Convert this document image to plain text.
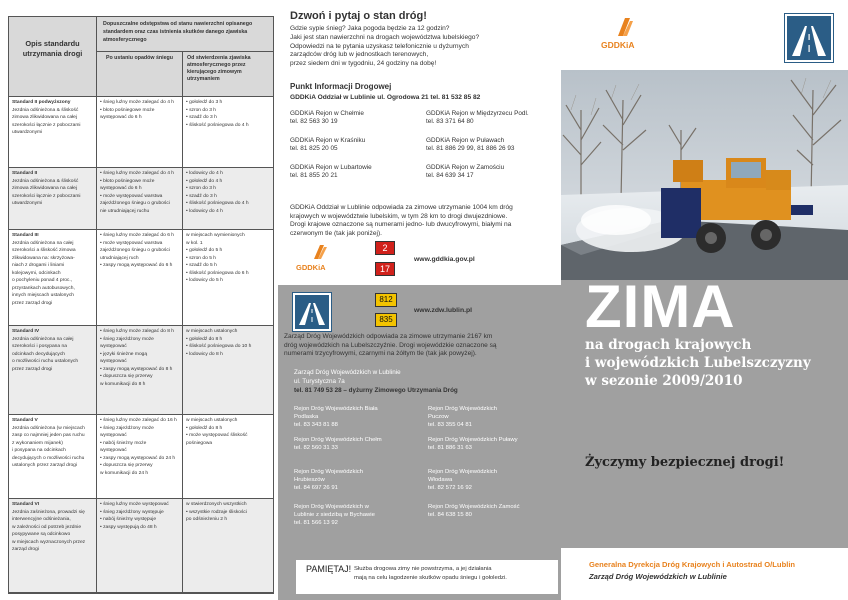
Opis standardu utrzymania drogi
Dopuszczalne odstępstwa od stanu nawierzchni opisanego standardem oraz czas istnienia skutków danego zjawiska atmosferycznego
Po ustaniu opadów śniegu	Od stwierdzenia zjawiska atmosferycznego przez kierującego zimowym utrzymaniem
Standard II podwyższony
Jezdnia odśnieżona & śliskość
zimowa zlikwidowana na całej
szerokości łącznie z poboczami
utwardzonymi
• śnieg luźny może zalegać do 4 h
• błoto pośniegowe może
występować do 6 h
• gołoledź do 3 h
• szron do 3 h
• szadź do 3 h
• śliskość pośniegowa do 4 h
Standard II
Jezdnia odśnieżona & śliskość
zimowa zlikwidowana na całej
szerokości łącznie z poboczami
utwardzonymi
• śnieg luźny może zalegać do 4 h
• błoto pośniegowe może
występować do 6 h
• może występować warstwa
zajeżdżonego śniegu o grubości
nie utrudniającej ruchu
• lodowicy do 4 h
• gołoledź do 4 h
• szron do 3 h
• szadź do 3 h
• śliskość pośniegowa do 4 h
• lodowicy do 4 h
Standard III
Jezdnia odśnieżona na całej
szerokości a śliskość zimowa
zlikwidowana na: skrzyżowa-
niach z drogami i liniami
kolejowymi, odcinkach
o pochyleniu ponad 4 proc.,
przystankach autobusowych,
innych miejscach ustalonych
przez zarząd drogi
• śnieg luźny może zalegać do 6 h
• może występować warstwa
zajeżdżonego śniegu o grubości
utrudniającej ruch
• zaspy mogą występować do 6 h
w miejscach wymienionych
w kol. 1
• gołoledź do 5 h
• szron do 5 h
• szadź do 5 h
• śliskość pośniegowa do 6 h
• lodowicy do 5 h
Standard IV
Jezdnia odśnieżona na całej
szerokości i posypana na
odcinkach decydujących
o możliwości ruchu ustalonych
przez zarząd drogi
• śnieg luźny może zalegać do 8 h
• śnieg zajeżdżony może
występować
• języki śnieżne mogą
występować
• zaspy mogą występować do 8 h
• dopuszcza się przerwy
w komunikacji do 8 h
w miejscach ustalonych
• gołoledź do 8 h
• śliskość pośniegowa do 10 h
• lodowicy do 8 h
Standard V
Jezdnia odśnieżona (w miejscach
zasp co najmniej jeden pas ruchu
z wykonaniem mijanek)
i posypana na odcinkach
decydujących o możliwości ruchu
ustalonych przez zarząd drogi
• śnieg luźny może zalegać do 16 h
• śnieg zajeżdżony może
występować
• nabój śnieżny może
występować
• zaspy mogą występować do 24 h
• dopuszcza się przerwy
w komunikacji do 24 h
w miejscach ustalonych
• gołoledź do 8 h
• może występować śliskość
pośniegowa
Standard VI
Jezdnia zaśnieżona, prowadzi się
interwencyjne odśnieżania,
w zależności od potrzeb jezdnie
posypywane są odcinkowo
w miejscach wyznaczonych przez
zarząd drogi
• śnieg luźny może występować
• śnieg zajeżdżony występuje
• nabój śnieżny występuje
• zaspy występują do 48 h
w stwierdzonych wszystkich
• wszystkie rodzaje śliskości
po odśnieżeniu 2 h
Dzwoń i pytaj o stan dróg!
Gdzie sypie śnieg? Jaka pogoda będzie za 12 godzin?
Jaki jest stan nawierzchni na drogach województwa lubelskiego?
Odpowiedzi na te pytania uzyskasz telefonicznie u dyżurnych
zarządców dróg lub w jednostkach terenowych,
przez siedem dni w tygodniu, 24 godziny na dobę!
Punkt Informacji Drogowej
GDDKiA Oddział w Lublinie ul. Ogrodowa 21 tel. 81 532 85 82
GDDKiA Rejon w Chełmie
tel. 82 563 30 19
GDDKiA Rejon w Międzyrzecu Podl.
tel. 83 371 64 80
GDDKiA Rejon w Kraśniku
tel. 81 825 20 05
GDDKiA Rejon w Puławach
tel. 81 886 29 99, 81 886 26 93
GDDKiA Rejon w Lubartowie
tel. 81 855 20 21
GDDKiA Rejon w Zamościu
tel. 84 639 34 17
GDDKiA Oddział w Lublinie odpowiada za zimowe utrzymanie 1004 km dróg
krajowych w województwie lubelskim, w tym 28 km to drogi dwujezdniowe.
Drogi krajowe oznaczone są numerami jedno- lub dwucyfrowymi, białymi na
czerwonym tle (tak jak poniżej).
GDDKiA
2
17
www.gddkia.gov.pl
812
835
www.zdw.lublin.pl
Zarząd Dróg Wojewódzkich odpowiada za zimowe utrzymanie 2167 km
dróg wojewódzkich na Lubelszczyźnie. Drogi wojewódzkie oznaczone są
numerami trzycyfrowymi, czarnymi na żółtym tle (tak jak powyżej).
Zarząd Dróg Wojewódzkich w Lublinie
ul. Turystyczna 7a
tel. 81 749 53 28 – dyżurny Zimowego Utrzymania Dróg
Rejon Dróg Wojewódzkich Biała
Podlaska
tel. 83 343 81 88
Rejon Dróg Wojewódzkich
Puczow
tel. 83 355 04 81
Rejon Dróg Wojewódzkich Chełm
tel. 82 560 31 33
Rejon Dróg Wojewódzkich Puławy
tel. 81 886 31 63
Rejon Dróg Wojewódzkich
Hrubieszów
tel. 84 697 26 91
Rejon Dróg Wojewódzkich
Włodawa
tel. 82 572 16 92
Rejon Dróg Wojewódzkich w
Lublinie z siedzibą w Bychawie
tel. 81 566 13 92
Rejon Dróg Wojewódzkich Zamość
tel. 84 638 15 80
PAMIĘTAJ! Służba drogowa zimy nie powstrzyma, a jej działania
mają na celu łagodzenie skutków opadu śniegu i gołoledzi.
GDDKiA
ZIMA
na drogach krajowych
i wojewódzkich Lubelszczyzny
w sezonie 2009/2010
Życzymy bezpiecznej drogi!
Generalna Dyrekcja Dróg Krajowych i Autostrad O/Lublin
Zarząd Dróg Wojewódzkich w Lublinie
